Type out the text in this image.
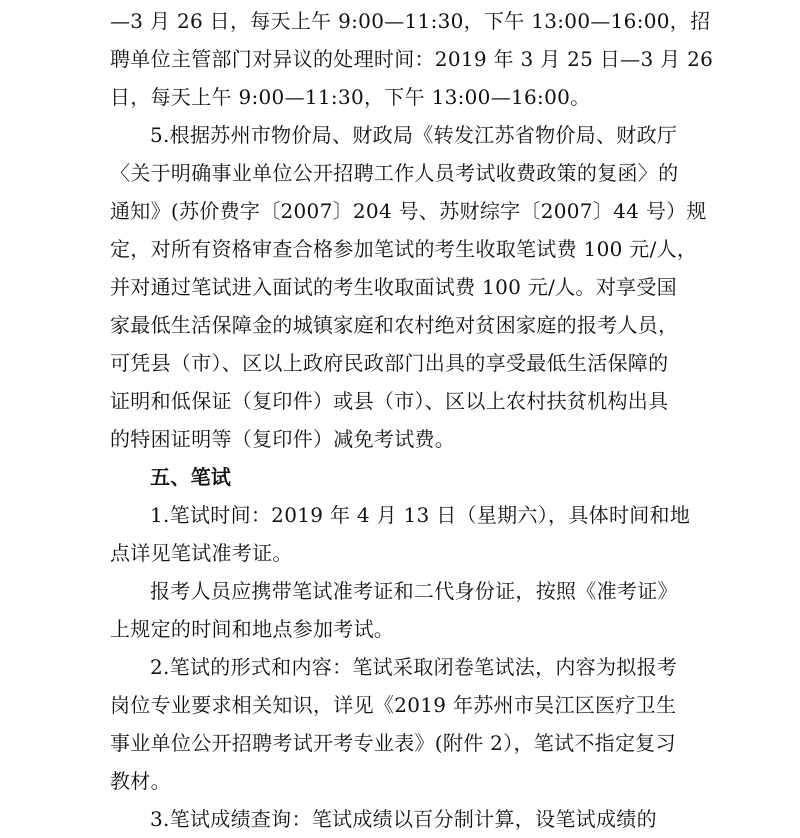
—3 月 26 日，每天上午 9:00—11:30，下午 13:00—16:00，招
聘单位主管部门对异议的处理时间：2019 年 3 月 25 日—3 月 26
日，每天上午 9:00—11:30，下午 13:00—16:00。
5.根据苏州市物价局、财政局《转发江苏省物价局、财政厅
〈关于明确事业单位公开招聘工作人员考试收费政策的复函〉的
通知》(苏价费字〔2007〕204 号、苏财综字〔2007〕44 号）规
定，对所有资格审查合格参加笔试的考生收取笔试费 100 元/人，
并对通过笔试进入面试的考生收取面试费 100 元/人。对享受国
家最低生活保障金的城镇家庭和农村绝对贫困家庭的报考人员，
可凭县（市）、区以上政府民政部门出具的享受最低生活保障的
证明和低保证（复印件）或县（市）、区以上农村扶贫机构出具
的特困证明等（复印件）减免考试费。
五、笔试
1.笔试时间：2019 年 4 月 13 日（星期六），具体时间和地
点详见笔试准考证。
报考人员应携带笔试准考证和二代身份证，按照《准考证》
上规定的时间和地点参加考试。
2.笔试的形式和内容：笔试采取闭卷笔试法，内容为拟报考
岗位专业要求相关知识，详见《2019 年苏州市吴江区医疗卫生
事业单位公开招聘考试开考专业表》(附件 2），笔试不指定复习
教材。
3.笔试成绩查询：笔试成绩以百分制计算，设笔试成绩的
